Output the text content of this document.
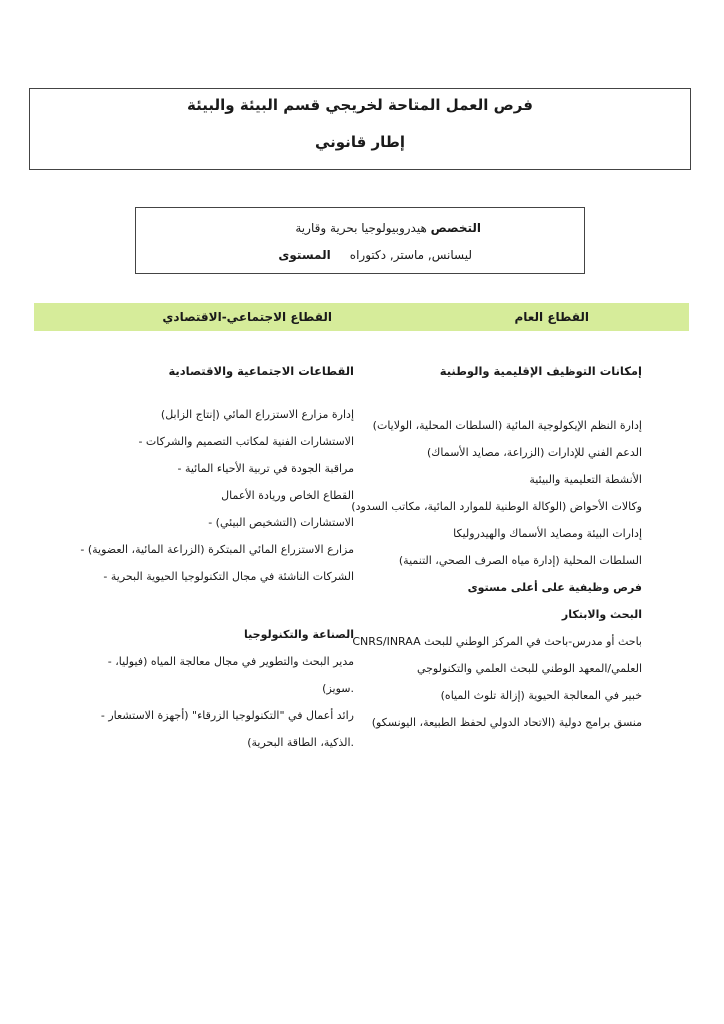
فرص العمل المتاحة لخريجي قسم البيئة والبيئة
إطار قانوني
التخصص هيدروبيولوجيا بحرية وقارية
ليسانس, ماستر, دكتوراه     المستوى
القطاع العام
القطاع الاجتماعي-الاقتصادي
إمكانات التوظيف الإقليمية والوطنية
إدارة النظم الإيكولوجية المائية (السلطات المحلية، الولايات)
الدعم الفني للإدارات (الزراعة، مصايد الأسماك)
الأنشطة التعليمية والبيئية
وكالات الأحواض (الوكالة الوطنية للموارد المائية، مكاتب السدود)
إدارات البيئة ومصايد الأسماك والهيدروليكا
السلطات المحلية (إدارة مياه الصرف الصحي، التنمية)
فرص وظيفية على أعلى مستوى
البحث والابتكار
باحث أو مدرس-باحث في المركز الوطني للبحث CNRS/INRAA
العلمي/المعهد الوطني للبحث العلمي والتكنولوجي
خبير في المعالجة الحيوية (إزالة تلوث المياه)
منسق برامج دولية (الاتحاد الدولي لحفظ الطبيعة، اليونسكو)
القطاعات الاجتماعية والاقتصادية
إدارة مزارع الاستزراع المائي (إنتاج الزابل)
الاستشارات الفنية لمكاتب التصميم والشركات -
مراقبة الجودة في تربية الأحياء المائية -
القطاع الخاص وريادة الأعمال
الاستشارات (التشخيص البيئي) -
مزارع الاستزراع المائي المبتكرة (الزراعة المائية، العضوية) -
الشركات الناشئة في مجال التكنولوجيا الحيوية البحرية -
الصناعة والتكنولوجيا
مدير البحث والتطوير في مجال معالجة المياه (فيوليا، -
.سويز)
رائد أعمال في "التكنولوجيا الزرقاء" (أجهزة الاستشعار -
.الذكية، الطاقة البحرية)
